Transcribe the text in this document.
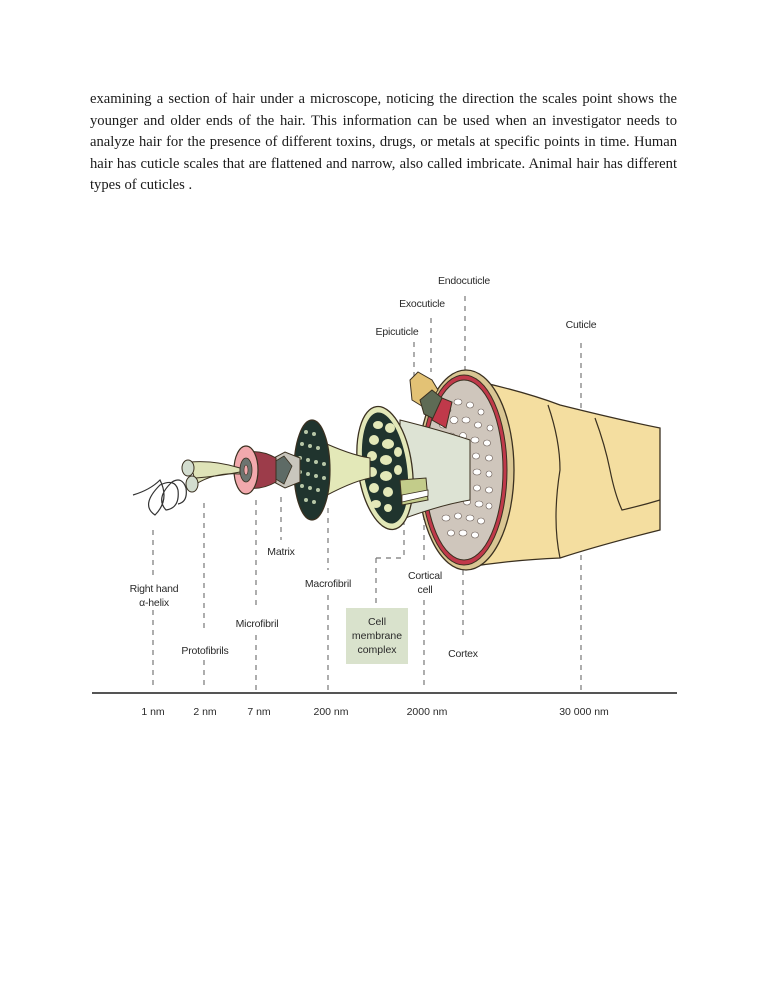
examining a section of hair under a microscope, noticing the direction the scales point shows the younger and older ends of the hair. This information can be used when an investigator needs to analyze hair for the presence of different toxins, drugs, or metals at specific points in time. Human hair has cuticle scales that are flattened and narrow, also called imbricate. Animal hair has different types of cuticles .
Endocuticle
Exocuticle
Epicuticle
Cuticle
Matrix
Right hand
α-helix
Protofibrils
Microfibril
Macrofibril
Cortical
cell
Cortex
Cell
membrane
complex
1 nm	2 nm	7 nm	200 nm	2000 nm	30 000 nm
